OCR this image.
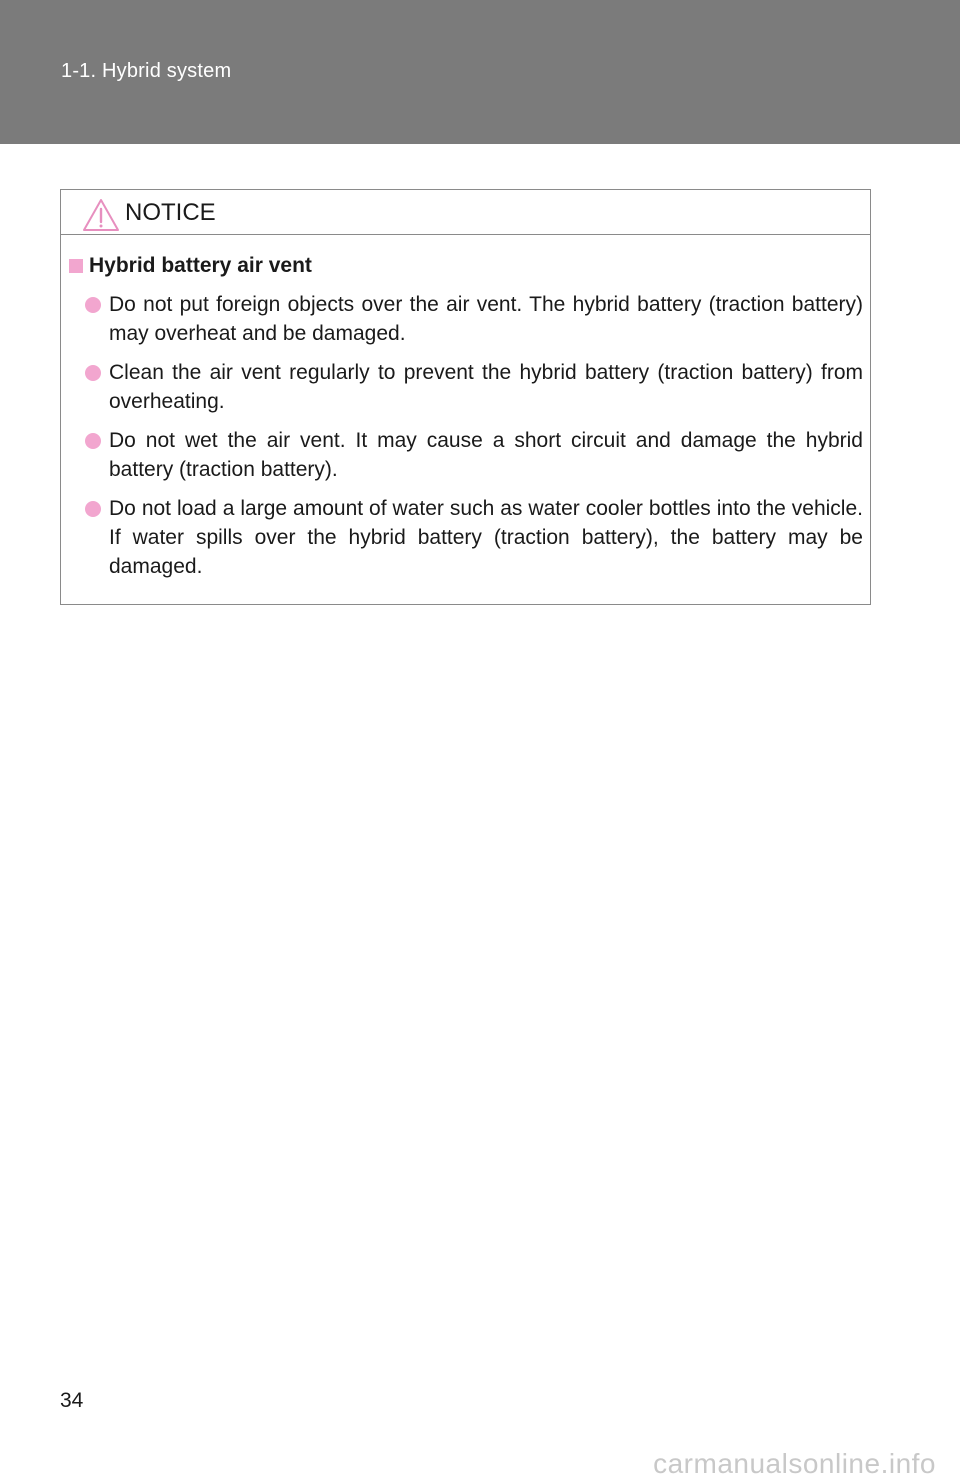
1-1. Hybrid system
NOTICE
Hybrid battery air vent
Do not put foreign objects over the air vent. The hybrid battery (traction battery) may overheat and be damaged.
Clean the air vent regularly to prevent the hybrid battery (traction battery) from overheating.
Do not wet the air vent. It may cause a short circuit and damage the hybrid battery (traction battery).
Do not load a large amount of water such as water cooler bottles into the vehicle. If water spills over the hybrid battery (traction battery), the battery may be damaged.
34
carmanualsonline.info
